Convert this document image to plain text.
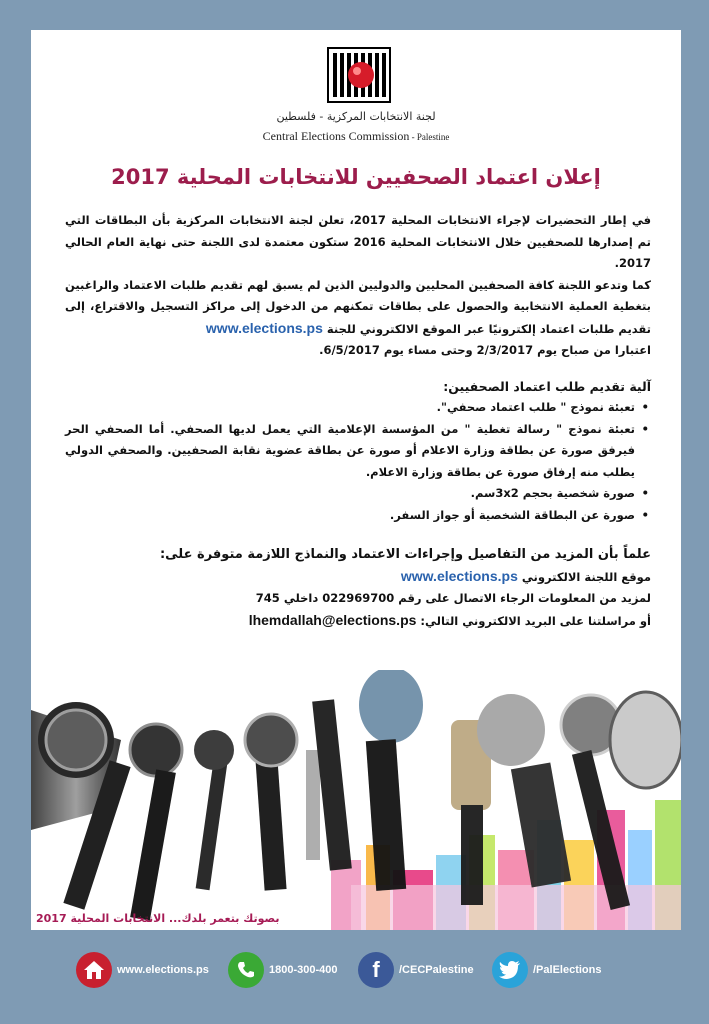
لجنة الانتخابات المركزية - فلسطين
Central Elections Commission - Palestine
إعلان اعتماد الصحفيين للانتخابات المحلية 2017

في إطار التحضيرات لإجراء الانتخابات المحلية 2017، تعلن لجنة الانتخابات المركزية بأن البطاقات التي تم إصدارها للصحفيين خلال الانتخابات المحلية 2016 ستكون معتمدة لدى اللجنة حتى نهاية العام الحالي 2017.

كما وتدعو اللجنة كافة الصحفيين المحليين والدوليين الذين لم يسبق لهم تقديم طلبات الاعتماد والراغبين بتغطية العملية الانتخابية والحصول على بطاقات تمكنهم من الدخول إلى مراكز التسجيل والاقتراع، إلى تقديم طلبات اعتماد إلكترونيًا عبر الموقع الالكتروني للجنة www.elections.ps
اعتبارا من صباح يوم 2/3/2017 وحتى مساء يوم 6/5/2017.

آلية تقديم طلب اعتماد الصحفيين:

• تعبئة نموذج " طلب اعتماد صحفي".
• تعبئة نموذج " رسالة تغطية " من المؤسسة الإعلامية التي يعمل لديها الصحفي. أما الصحفي الحر فيرفق صورة عن بطاقة وزارة الاعلام أو صورة عن بطاقة عضوية نقابة الصحفيين. والصحفي الدولي يطلب منه إرفاق صورة عن بطاقة وزارة الاعلام.
• صورة شخصية بحجم 3x2سم.
• صورة عن البطاقة الشخصية أو جواز السفر.

علماً بأن المزيد من التفاصيل وإجراءات الاعتماد والنماذج اللازمة متوفرة على:

موقع اللجنة الالكتروني www.elections.ps

لمزيد من المعلومات الرجاء الاتصال على رقم 022969700 داخلي 745

أو مراسلتنا على البريد الالكتروني التالي: lhemdallah@elections.ps

بصوتك بتعمر بلدك... الانتخابات المحلية 2017
www.elections.ps	1800-300-400	f	/CECPalestine	/PalElections
